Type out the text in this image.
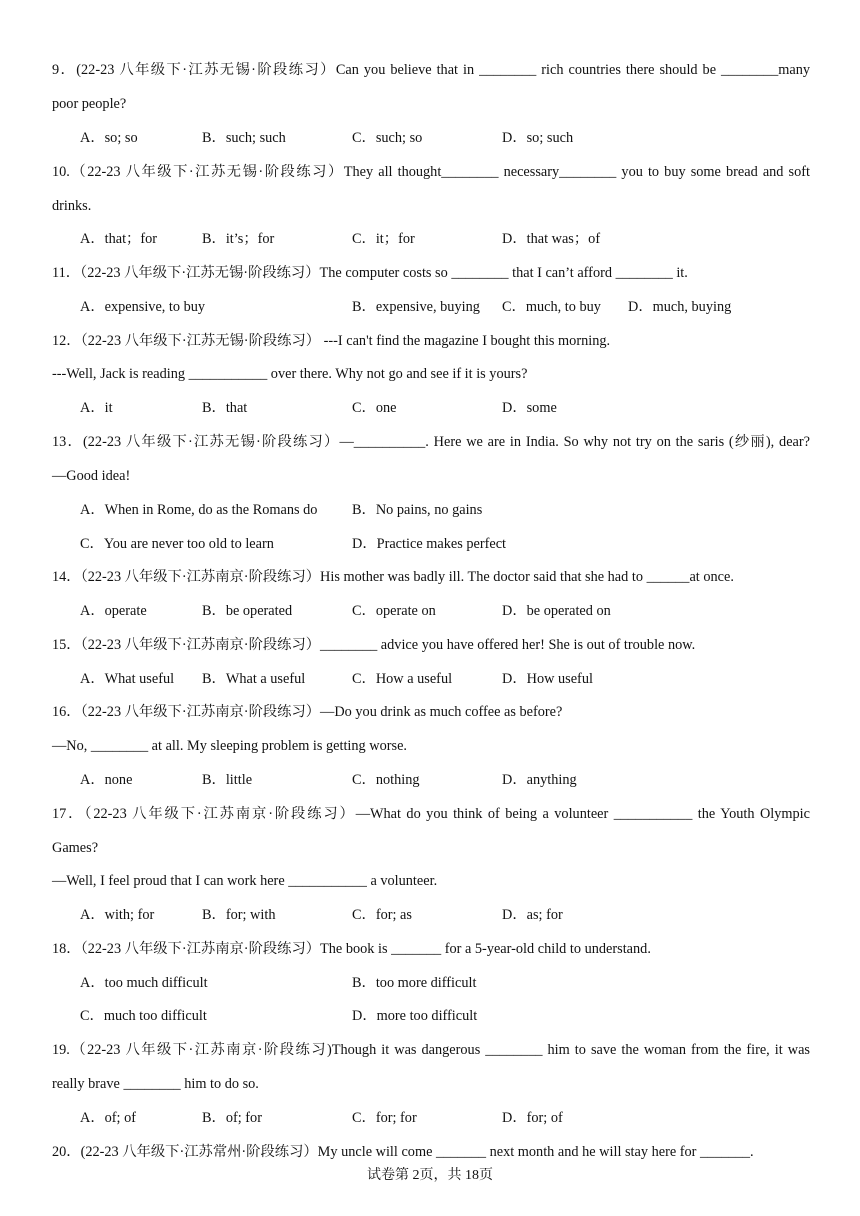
9．(22-23 八年级下·江苏无锡·阶段练习）Can you believe that in ________ rich countries there should be ________many
poor people?
A．so; so	B．such; such	C．such; so	D．so; such
10.（22-23 八年级下·江苏无锡·阶段练习）They all thought________ necessary________ you to buy some bread and soft
drinks.
A．that；for	B．it’s；for	C．it；for	D．that was；of
11．（22-23 八年级下·江苏无锡·阶段练习）The computer costs so ________ that I can’t afford ________ it.
A．expensive, to buy	B．expensive, buying C．much, to buy D．much, buying
12．（22-23 八年级下·江苏无锡·阶段练习） ---I can't find the magazine I bought this morning.
---Well, Jack is reading ___________ over there. Why not go and see if it is yours?
A．it	B．that	C．one	D．some
13．(22-23 八年级下·江苏无锡·阶段练习）—__________. Here we are in India. So why not try on the saris (纱丽), dear?
—Good idea!
A．When in Rome, do as the Romans do B．No pains, no gains
C．You are never too old to learn	D．Practice makes perfect
14．（22-23 八年级下·江苏南京·阶段练习）His mother was badly ill. The doctor said that she had to ______at once.
A．operate	B．be operated	C．operate on	D．be operated on
15．（22-23 八年级下·江苏南京·阶段练习）________ advice you have offered her! She is out of trouble now.
A．What useful B．What a useful	C．How a useful	D．How useful
16．（22-23 八年级下·江苏南京·阶段练习）—Do you drink as much coffee as before?
—No, ________ at all. My sleeping problem is getting worse.
A．none	B．little	C．nothing	D．anything
17．（22-23 八年级下·江苏南京·阶段练习）—What do you think of being a volunteer ___________ the Youth Olympic
Games?
—Well, I feel proud that I can work here ___________ a volunteer.
A．with; for	B．for; with	C．for; as	D．as; for
18．（22-23 八年级下·江苏南京·阶段练习）The book is _______ for a 5-year-old child to understand.
A．too much difficult	B．too more difficult
C．much too difficult	D．more too difficult
19.（22-23 八年级下·江苏南京·阶段练习)Though it was dangerous ________ him to save the woman from the fire, it was
really brave ________ him to do so.
A．of; of	B．of; for	C．for; for	D．for; of
20．(22-23 八年级下·江苏常州·阶段练习）My uncle will come _______ next month and he will stay here for _______.
试卷第 2页，共 18页
